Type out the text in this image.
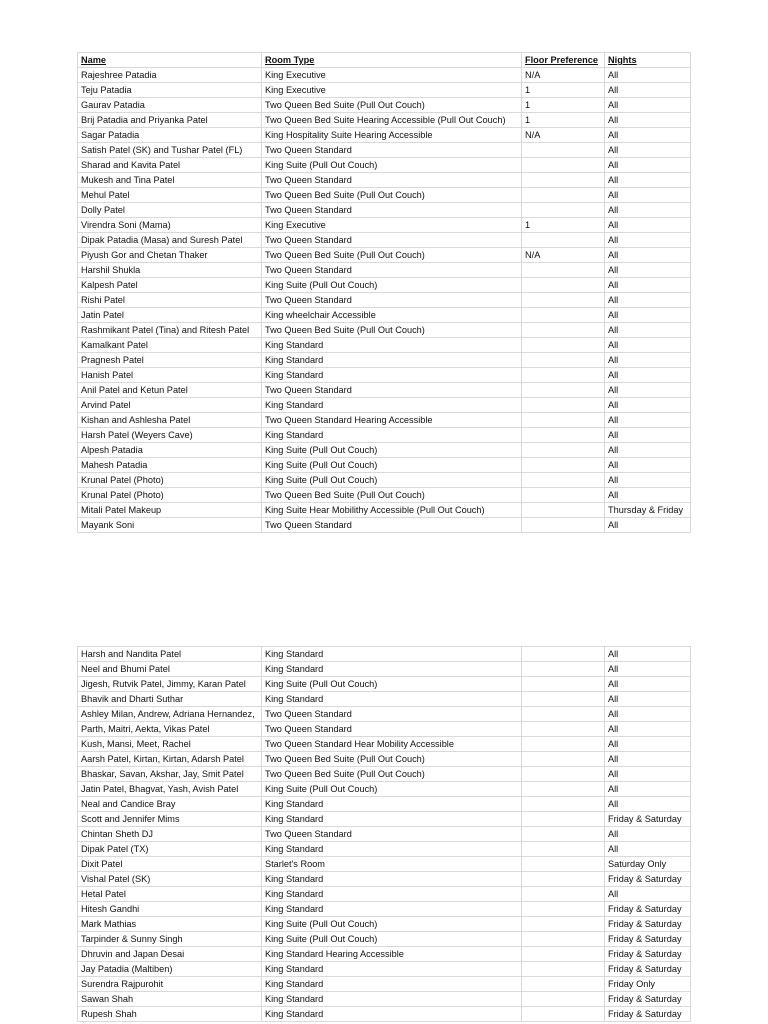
Name	Room Type	Floor Preference	Nights
Rajeshree Patadia	King Executive	N/A	All
Teju Patadia	King Executive	1	All
Gaurav Patadia	Two Queen Bed Suite (Pull Out Couch)	1	All
Brij Patadia and Priyanka Patel	Two Queen Bed Suite Hearing Accessible (Pull Out Couch)	1	All
Sagar Patadia	King Hospitality Suite Hearing Accessible	N/A	All
Satish Patel (SK) and Tushar Patel (FL)	Two Queen Standard		All
Sharad and Kavita Patel	King Suite (Pull Out Couch)		All
Mukesh and Tina Patel	Two Queen Standard		All
Mehul Patel	Two Queen Bed Suite (Pull Out Couch)		All
Dolly Patel	Two Queen Standard		All
Virendra Soni (Mama)	King Executive	1	All
Dipak Patadia (Masa) and Suresh Patel	Two Queen Standard		All
Piyush Gor and Chetan Thaker	Two Queen Bed Suite (Pull Out Couch)	N/A	All
Harshil Shukla	Two Queen Standard		All
Kalpesh Patel	King Suite (Pull Out Couch)		All
Rishi Patel	Two Queen Standard		All
Jatin Patel	King wheelchair Accessible		All
Rashmikant Patel (Tina) and Ritesh Patel	Two Queen Bed Suite (Pull Out Couch)		All
Kamalkant Patel	King Standard		All
Pragnesh Patel	King Standard		All
Hanish Patel	King Standard		All
Anil Patel and Ketun Patel	Two Queen Standard		All
Arvind Patel	King Standard		All
Kishan and Ashlesha Patel	Two Queen Standard Hearing Accessible		All
Harsh Patel (Weyers Cave)	King Standard		All
Alpesh Patadia	King Suite (Pull Out Couch)		All
Mahesh Patadia	King Suite (Pull Out Couch)		All
Krunal Patel (Photo)	King Suite (Pull Out Couch)		All
Krunal Patel (Photo)	Two Queen Bed Suite (Pull Out Couch)		All
Mitali Patel Makeup	King Suite Hear Mobilithy Accessible (Pull Out Couch)		Thursday & Friday
Mayank Soni	Two Queen Standard		All
Harsh and Nandita Patel	King Standard		All
Neel and Bhumi Patel	King Standard		All
Jigesh, Rutvik Patel, Jimmy, Karan Patel	King Suite (Pull Out Couch)		All
Bhavik and Dharti Suthar	King Standard		All
Ashley Milan, Andrew, Adriana Hernandez,	Two Queen Standard		All
Parth, Maitri, Aekta, Vikas Patel	Two Queen Standard		All
Kush, Mansi, Meet, Rachel	Two Queen Standard Hear Mobility Accessible		All
Aarsh Patel, Kirtan, Kirtan, Adarsh Patel	Two Queen Bed Suite (Pull Out Couch)		All
Bhaskar, Savan, Akshar, Jay, Smit Patel	Two Queen Bed Suite (Pull Out Couch)		All
Jatin Patel, Bhagvat, Yash, Avish Patel	King Suite (Pull Out Couch)		All
Neal and Candice Bray	King Standard		All
Scott and Jennifer Mims	King Standard		Friday & Saturday
Chintan Sheth DJ	Two Queen Standard		All
Dipak Patel (TX)	King Standard		All
Dixit Patel	Starlet's Room		Saturday Only
Vishal Patel (SK)	King Standard		Friday & Saturday
Hetal Patel	King Standard		All
Hitesh Gandhi	King Standard		Friday & Saturday
Mark Mathias	King Suite (Pull Out Couch)		Friday & Saturday
Tarpinder & Sunny Singh	King Suite (Pull Out Couch)		Friday & Saturday
Dhruvin and Japan Desai	King Standard Hearing Accessible		Friday & Saturday
Jay Patadia (Maltiben)	King Standard		Friday & Saturday
Surendra Rajpurohit	King Standard		Friday Only
Sawan Shah	King Standard		Friday & Saturday
Rupesh Shah	King Standard		Friday & Saturday
